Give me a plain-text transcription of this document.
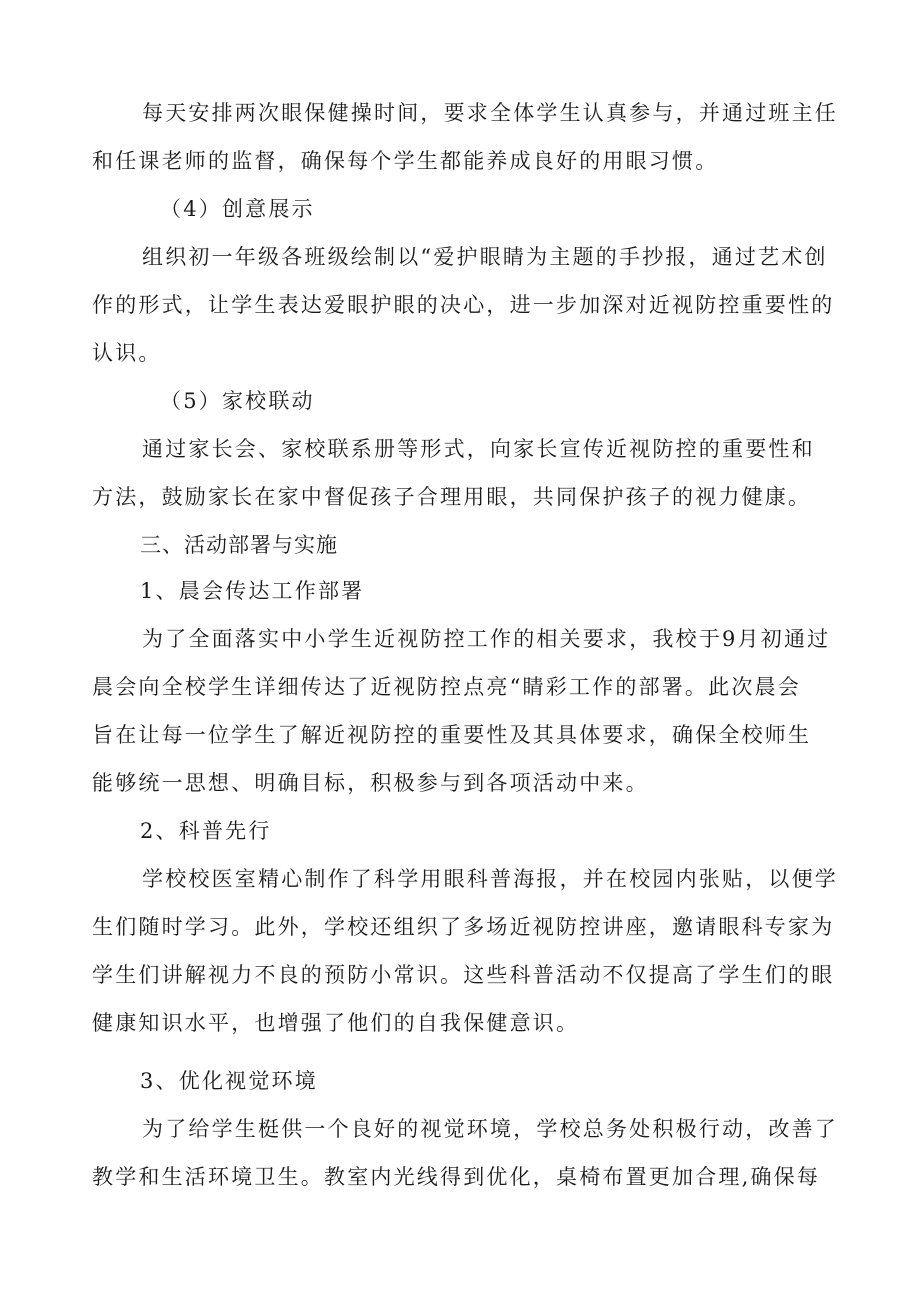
每天安排两次眼保健操时间，要求全体学生认真参与，并通过班主任
和任课老师的监督，确保每个学生都能养成良好的用眼习惯。
（4）创意展示
组织初一年级各班级绘制以“爱护眼睛为主题的手抄报，通过艺术创
作的形式，让学生表达爱眼护眼的决心，进一步加深对近视防控重要性的
认识。
（5）家校联动
通过家长会、家校联系册等形式，向家长宣传近视防控的重要性和
方法，鼓励家长在家中督促孩子合理用眼，共同保护孩子的视力健康。
三、活动部署与实施
1、晨会传达工作部署
为了全面落实中小学生近视防控工作的相关要求，我校于9月初通过
晨会向全校学生详细传达了近视防控点亮“睛彩工作的部署。此次晨会
旨在让每一位学生了解近视防控的重要性及其具体要求，确保全校师生
能够统一思想、明确目标，积极参与到各项活动中来。
2、科普先行
学校校医室精心制作了科学用眼科普海报，并在校园内张贴，以便学
生们随时学习。此外，学校还组织了多场近视防控讲座，邀请眼科专家为
学生们讲解视力不良的预防小常识。这些科普活动不仅提高了学生们的眼
健康知识水平，也增强了他们的自我保健意识。
3、优化视觉环境
为了给学生梃供一个良好的视觉环境，学校总务处积极行动，改善了
教学和生活环境卫生。教室内光线得到优化，桌椅布置更加合理,确保每
